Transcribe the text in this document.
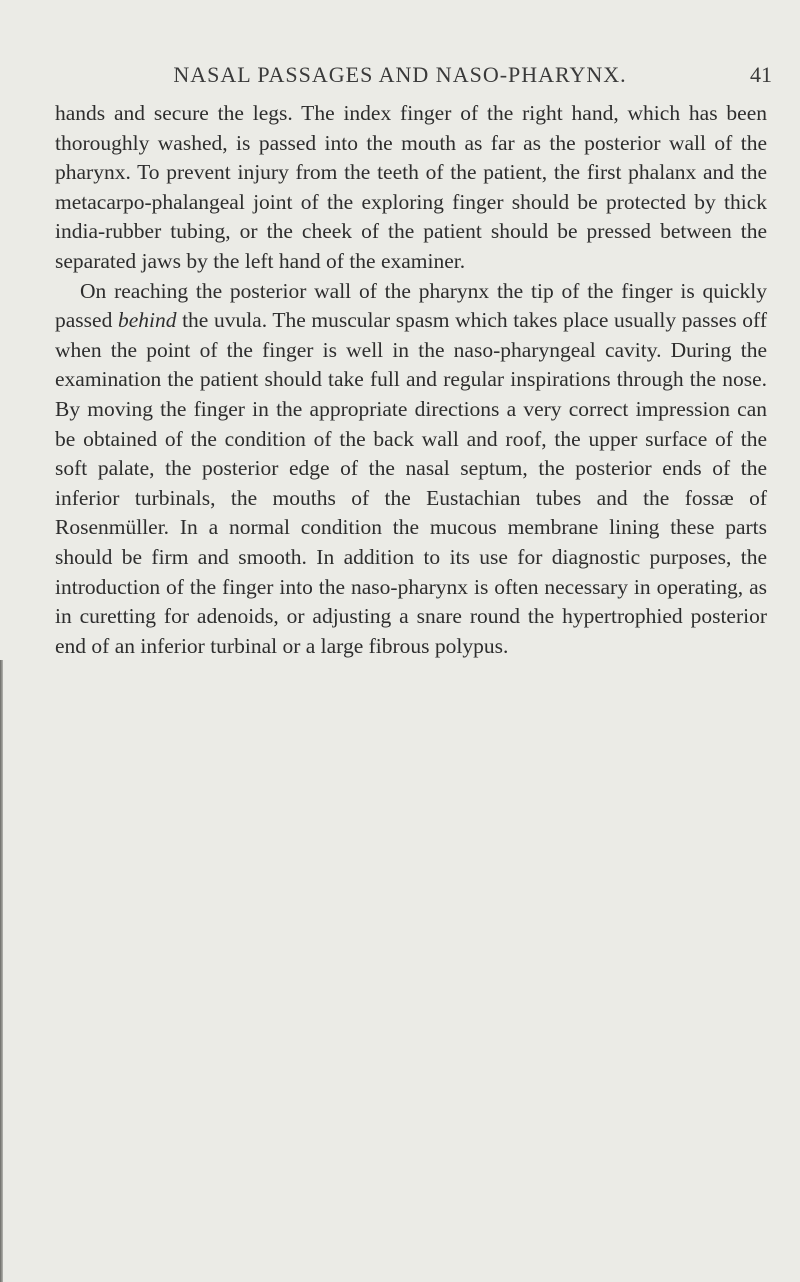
NASAL PASSAGES AND NASO-PHARYNX.	41

hands and secure the legs. The index finger of the right hand, which has been thoroughly washed, is passed into the mouth as far as the posterior wall of the pharynx. To prevent injury from the teeth of the patient, the first phalanx and the metacarpo-phalangeal joint of the exploring finger should be protected by thick india-rubber tubing, or the cheek of the patient should be pressed between the separated jaws by the left hand of the examiner.

On reaching the posterior wall of the pharynx the tip of the finger is quickly passed behind the uvula. The muscular spasm which takes place usually passes off when the point of the finger is well in the naso-pharyngeal cavity. During the examination the patient should take full and regular inspirations through the nose. By moving the finger in the appropriate directions a very correct impression can be obtained of the condition of the back wall and roof, the upper surface of the soft palate, the posterior edge of the nasal septum, the posterior ends of the inferior turbinals, the mouths of the Eustachian tubes and the fossæ of Rosenmüller. In a normal condition the mucous membrane lining these parts should be firm and smooth. In addition to its use for diagnostic purposes, the introduction of the finger into the naso-pharynx is often necessary in operating, as in curetting for adenoids, or adjusting a snare round the hypertrophied posterior end of an inferior turbinal or a large fibrous polypus.
